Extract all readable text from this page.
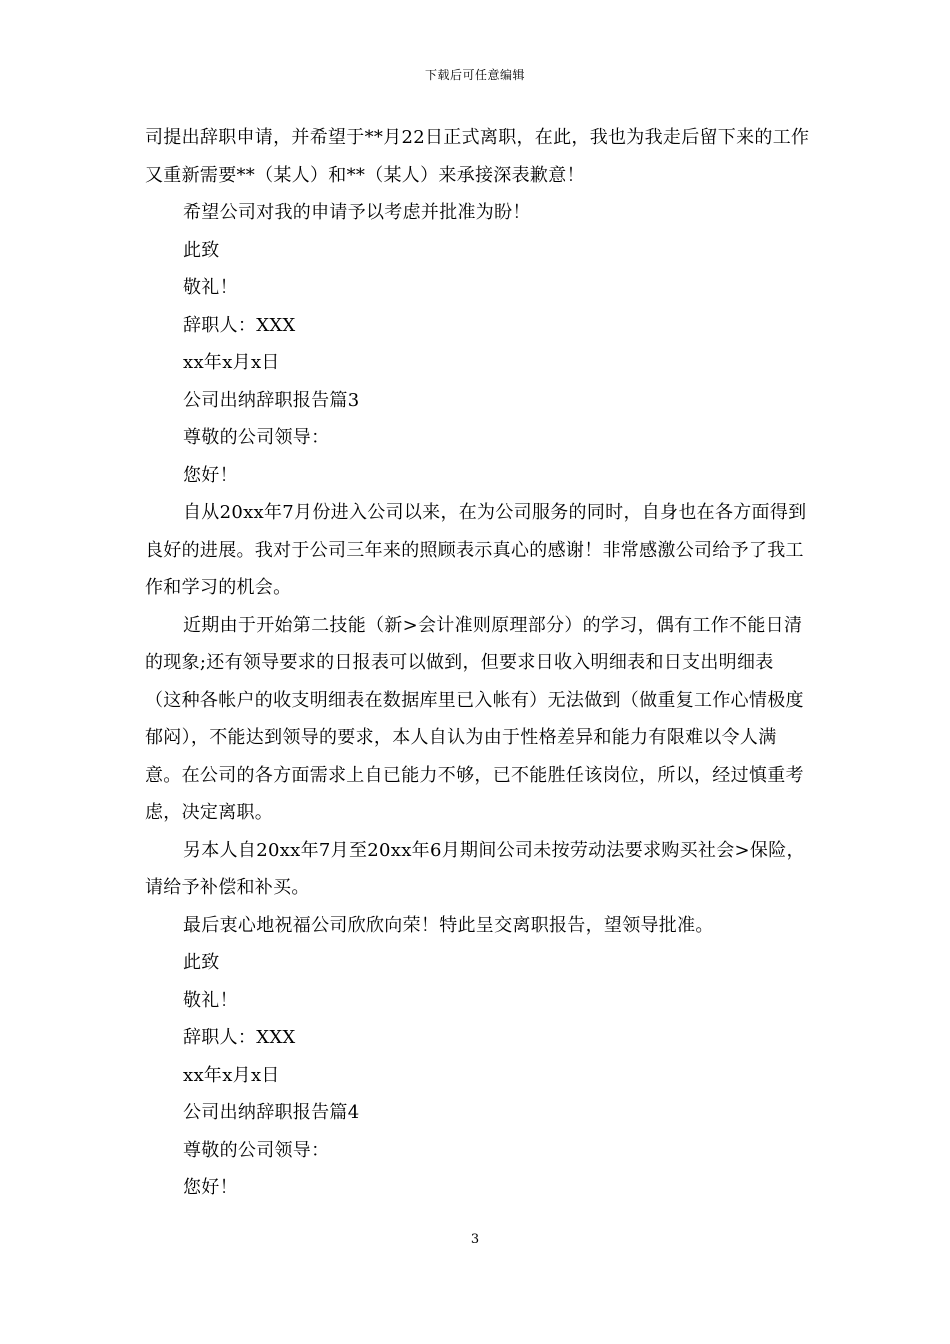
下载后可任意编辑

司提出辞职申请，并希望于**月22日正式离职，在此，我也为我走后留下来的工作又重新需要**（某人）和**（某人）来承接深表歉意！

希望公司对我的申请予以考虑并批准为盼！

此致

敬礼！

辞职人：XXX

xx年x月x日

公司出纳辞职报告篇3

尊敬的公司领导：

您好！

自从20xx年7月份进入公司以来，在为公司服务的同时，自身也在各方面得到良好的进展。我对于公司三年来的照顾表示真心的感谢！非常感激公司给予了我工作和学习的机会。

近期由于开始第二技能（新>会计准则原理部分）的学习，偶有工作不能日清的现象;还有领导要求的日报表可以做到，但要求日收入明细表和日支出明细表（这种各帐户的收支明细表在数据库里已入帐有）无法做到（做重复工作心情极度郁闷），不能达到领导的要求，本人自认为由于性格差异和能力有限难以令人满意。在公司的各方面需求上自已能力不够，已不能胜任该岗位，所以，经过慎重考虑，决定离职。

另本人自20xx年7月至20xx年6月期间公司未按劳动法要求购买社会>保险，请给予补偿和补买。

最后衷心地祝福公司欣欣向荣！特此呈交离职报告，望领导批准。

此致

敬礼！

辞职人：XXX

xx年x月x日

公司出纳辞职报告篇4

尊敬的公司领导：

您好！

3
